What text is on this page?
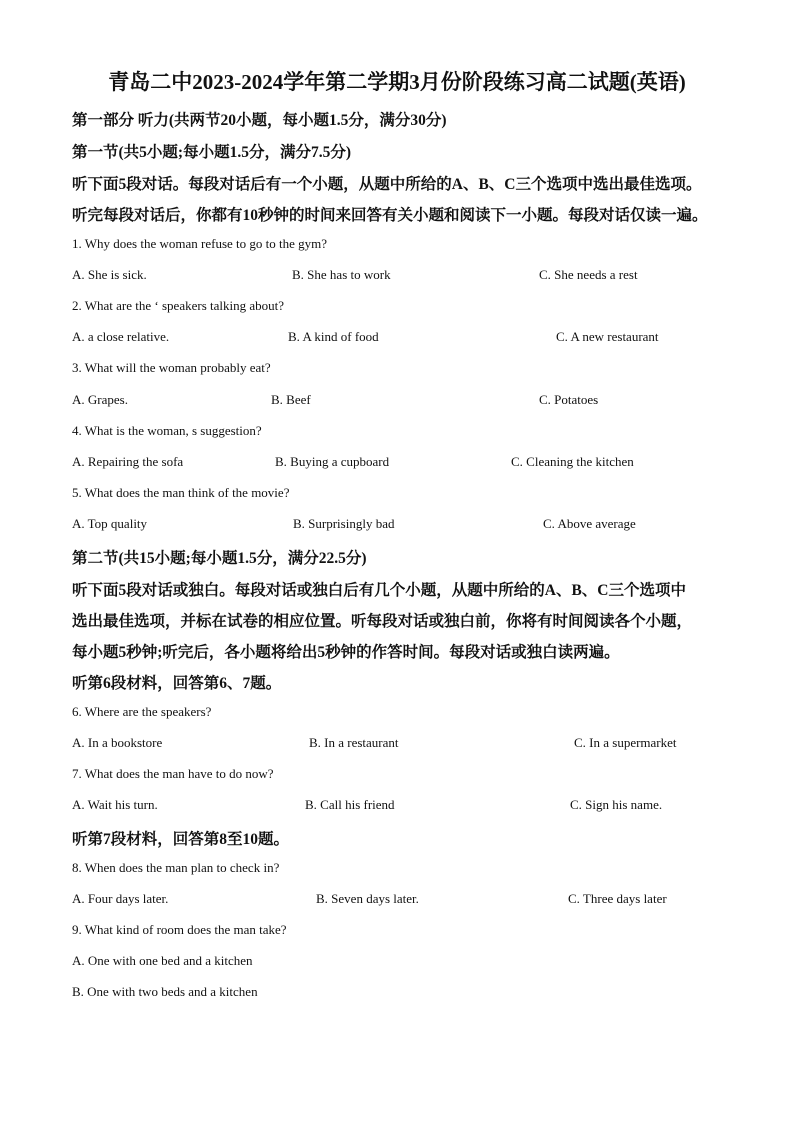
青岛二中2023-2024学年第二学期3月份阶段练习高二试题(英语)
第一部分 听力(共两节20小题，每小题1.5分，满分30分)
第一节(共5小题;每小题1.5分，满分7.5分)
听下面5段对话。每段对话后有一个小题，从题中所给的A、B、C三个选项中选出最佳选项。
听完每段对话后，你都有10秒钟的时间来回答有关小题和阅读下一小题。每段对话仅读一遍。
1. Why does the woman refuse to go to the gym?
A. She is sick.	B. She has to work	C. She needs a rest
2. What are the ‘ speakers talking about?
A. a close relative.	B. A kind of food	C. A new restaurant
3. What will the woman probably eat?
A. Grapes.	B. Beef	C. Potatoes
4. What is the woman, s suggestion?
A. Repairing the sofa	B. Buying a cupboard	C. Cleaning the kitchen
5. What does the man think of the movie?
A. Top quality	B. Surprisingly bad	C. Above average
第二节(共15小题;每小题1.5分，满分22.5分)
听下面5段对话或独白。每段对话或独白后有几个小题，从题中所给的A、B、C三个选项中
选出最佳选项，并标在试卷的相应位置。听每段对话或独白前，你将有时间阅读各个小题，
每小题5秒钟;听完后，各小题将给出5秒钟的作答时间。每段对话或独白读两遍。
听第6段材料，回答第6、7题。
6. Where are the speakers?
A. In a bookstore	B. In a restaurant	C. In a supermarket
7. What does the man have to do now?
A. Wait his turn.	B. Call his friend	C. Sign his name.
听第7段材料，回答第8至10题。
8. When does the man plan to check in?
A. Four days later.	B. Seven days later.	C. Three days later
9. What kind of room does the man take?
A. One with one bed and a kitchen
B. One with two beds and a kitchen
